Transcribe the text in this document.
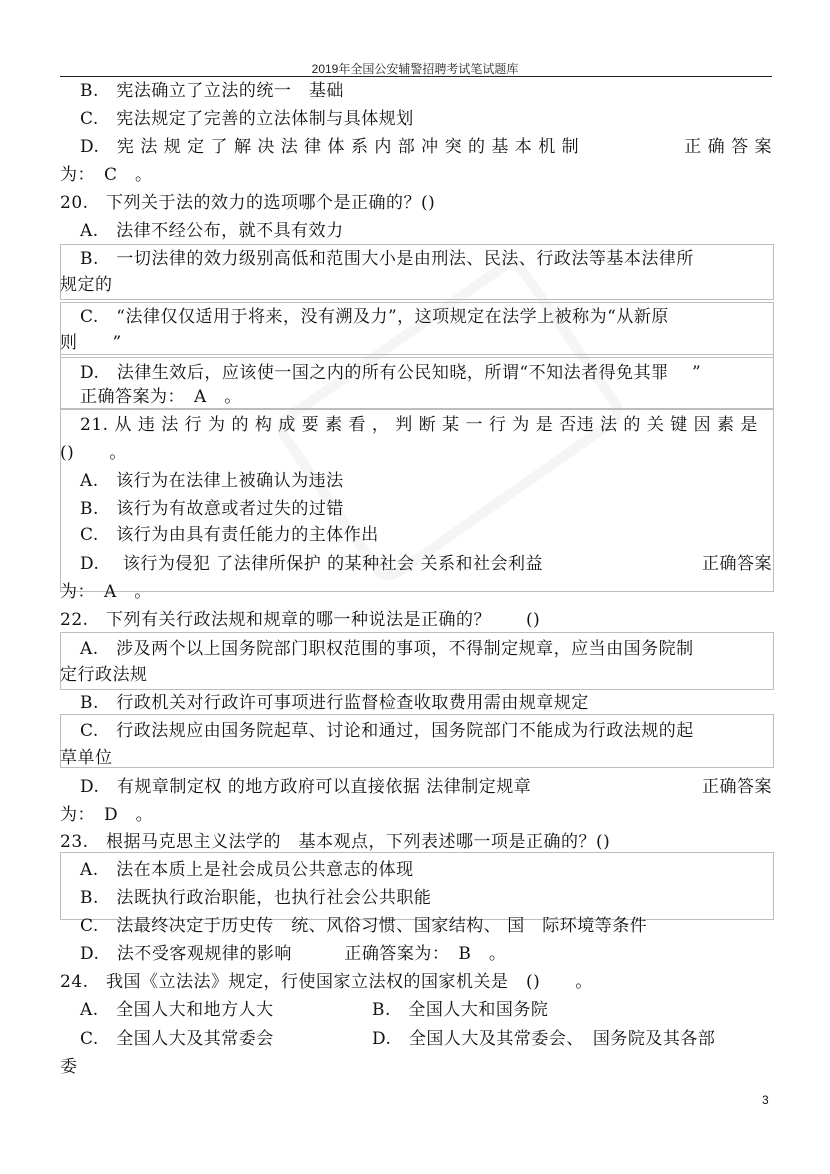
2019年全国公安辅警招聘考试笔试题库
B.　宪法确立了立法的统一　基础
C.　宪法规定了完善的立法体制与具体规划
D.　宪 法 规 定 了 解 决 法 律 体 系 内 部 冲 突 的 基 本 机 制	正 确 答 案
为：　C　。
20.　下列关于法的效力的选项哪个是正确的？()
A.　法律不经公布，就不具有效力
B.　一切法律的效力级别高低和范围大小是由刑法、民法、行政法等基本法律所
规定的
C.　“法律仅仅适用于将来，没有溯及力”，这项规定在法学上被称为“从新原
则　　”
D.　法律生效后，应该使一国之内的所有公民知晓，所谓“不知法者得免其罪　 ”
正确答案为：　A　。
21. 从 违 法 行 为 的 构 成 要 素 看 ， 判 断 某 一 行 为 是 否违 法 的 关 键 因 素 是
()　　。
A.　该行为在法律上被确认为违法
B.　该行为有故意或者过失的过错
C.　该行为由具有责任能力的主体作出
D.　 该行为侵犯 了法律所保护 的某种社会 关系和社会利益	正确答案
为：　A　。
22.　下列有关行政法规和规章的哪一种说法是正确的？　　()
A.　涉及两个以上国务院部门职权范围的事项，不得制定规章，应当由国务院制
定行政法规
B.　行政机关对行政许可事项进行监督检查收取费用需由规章规定
C.　行政法规应由国务院起草、讨论和通过，国务院部门不能成为行政法规的起
草单位
D.　有规章制定权 的地方政府可以直接依据 法律制定规章	正确答案
为：　D　。
23.　根据马克思主义法学的　基本观点，下列表述哪一项是正确的？()
A.　法在本质上是社会成员公共意志的体现
B.　法既执行政治职能，也执行社会公共职能
C.　法最终决定于历史传　统、风俗习惯、国家结构、 国　际环境等条件
D.　法不受客观规律的影响　　　正确答案为：　B　。
24.　我国《立法法》规定，行使国家立法权的国家机关是　()　　。
A.　全国人大和地方人大	B.　全国人大和国务院
C.　全国人大及其常委会	D.　全国人大及其常委会、　国务院及其各部
委
3
